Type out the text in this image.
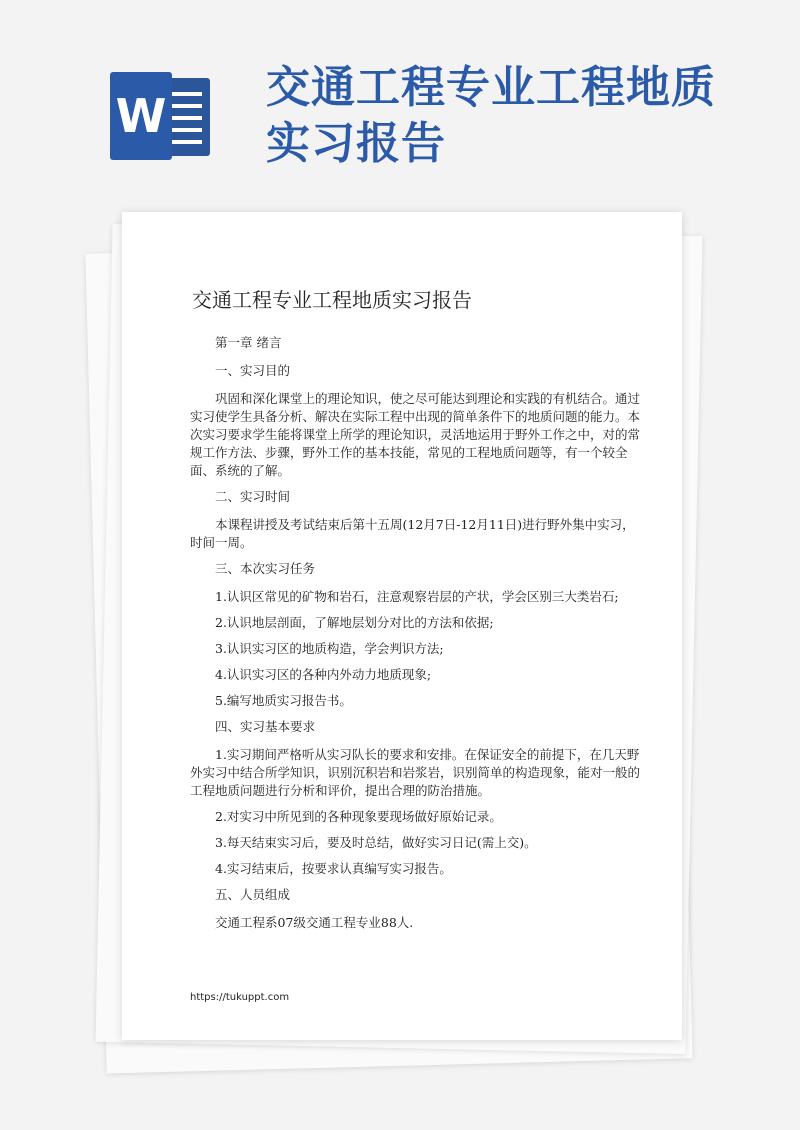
W
交通工程专业工程地质实习报告
交通工程专业工程地质实习报告

第一章 绪言

一、实习目的

巩固和深化课堂上的理论知识，使之尽可能达到理论和实践的有机结合。通过实习使学生具备分析、解决在实际工程中出现的简单条件下的地质问题的能力。本次实习要求学生能将课堂上所学的理论知识，灵活地运用于野外工作之中，对的常规工作方法、步骤，野外工作的基本技能，常见的工程地质问题等，有一个较全面、系统的了解。

二、实习时间

本课程讲授及考试结束后第十五周(12月7日-12月11日)进行野外集中实习，时间一周。

三、本次实习任务

1.认识区常见的矿物和岩石，注意观察岩层的产状，学会区别三大类岩石;

2.认识地层剖面，了解地层划分对比的方法和依据;

3.认识实习区的地质构造，学会判识方法;

4.认识实习区的各种内外动力地质现象;

5.编写地质实习报告书。

四、实习基本要求

1.实习期间严格听从实习队长的要求和安排。在保证安全的前提下，在几天野外实习中结合所学知识，识别沉积岩和岩浆岩，识别简单的构造现象，能对一般的工程地质问题进行分析和评价，提出合理的防治措施。

2.对实习中所见到的各种现象要现场做好原始记录。

3.每天结束实习后，要及时总结，做好实习日记(需上交)。

4.实习结束后，按要求认真编写实习报告。

五、人员组成

交通工程系07级交通工程专业88人.

https://tukuppt.com
